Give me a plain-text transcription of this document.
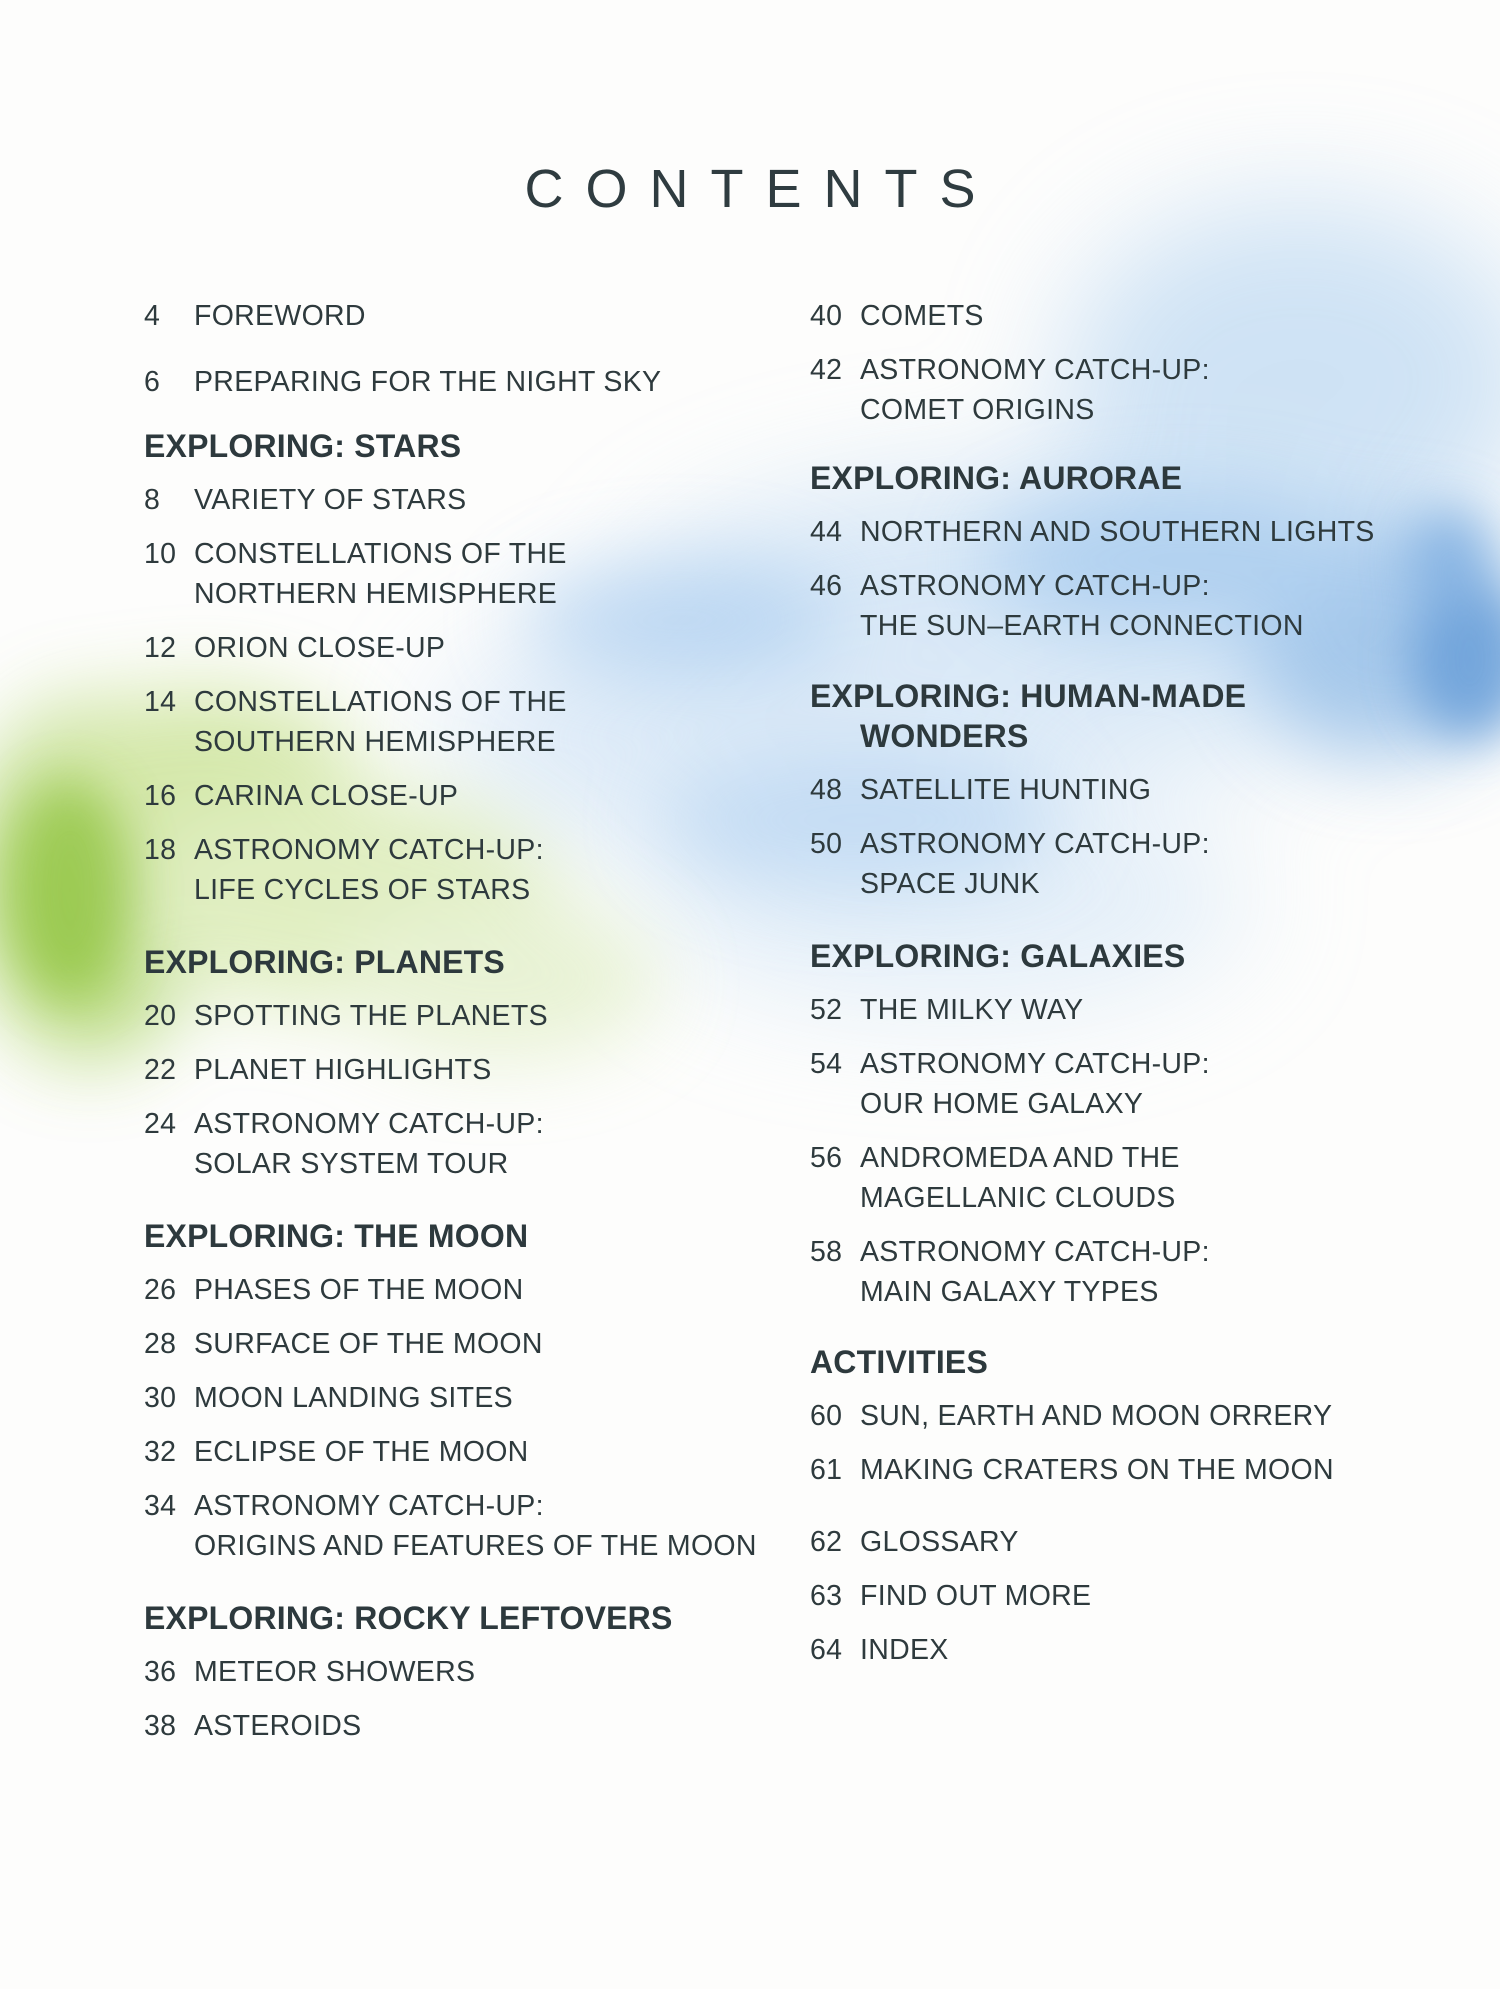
CONTENTS
4	FOREWORD
6	PREPARING FOR THE NIGHT SKY
EXPLORING: STARS
8	VARIETY OF STARS
10 CONSTELLATIONS OF THE
NORTHERN HEMISPHERE
12 ORION CLOSE-UP
14 CONSTELLATIONS OF THE
SOUTHERN HEMISPHERE
16 CARINA CLOSE-UP
18 ASTRONOMY CATCH-UP:
LIFE CYCLES OF STARS
EXPLORING: PLANETS
20 SPOTTING THE PLANETS
22 PLANET HIGHLIGHTS
24 ASTRONOMY CATCH-UP:
SOLAR SYSTEM TOUR
EXPLORING: THE MOON
26 PHASES OF THE MOON
28 SURFACE OF THE MOON
30 MOON LANDING SITES
32 ECLIPSE OF THE MOON
34 ASTRONOMY CATCH-UP:
ORIGINS AND FEATURES OF THE MOON
EXPLORING: ROCKY LEFTOVERS
36 METEOR SHOWERS
38 ASTEROIDS
40 COMETS
42 ASTRONOMY CATCH-UP:
COMET ORIGINS
EXPLORING: AURORAE
44 NORTHERN AND SOUTHERN LIGHTS
46 ASTRONOMY CATCH-UP:
THE SUN–EARTH CONNECTION
EXPLORING: HUMAN-MADE
WONDERS
48 SATELLITE HUNTING
50 ASTRONOMY CATCH-UP:
SPACE JUNK
EXPLORING: GALAXIES
52 THE MILKY WAY
54 ASTRONOMY CATCH-UP:
OUR HOME GALAXY
56 ANDROMEDA AND THE
MAGELLANIC CLOUDS
58 ASTRONOMY CATCH-UP:
MAIN GALAXY TYPES
ACTIVITIES
60 SUN, EARTH AND MOON ORRERY
61 MAKING CRATERS ON THE MOON
62 GLOSSARY
63 FIND OUT MORE
64 INDEX
